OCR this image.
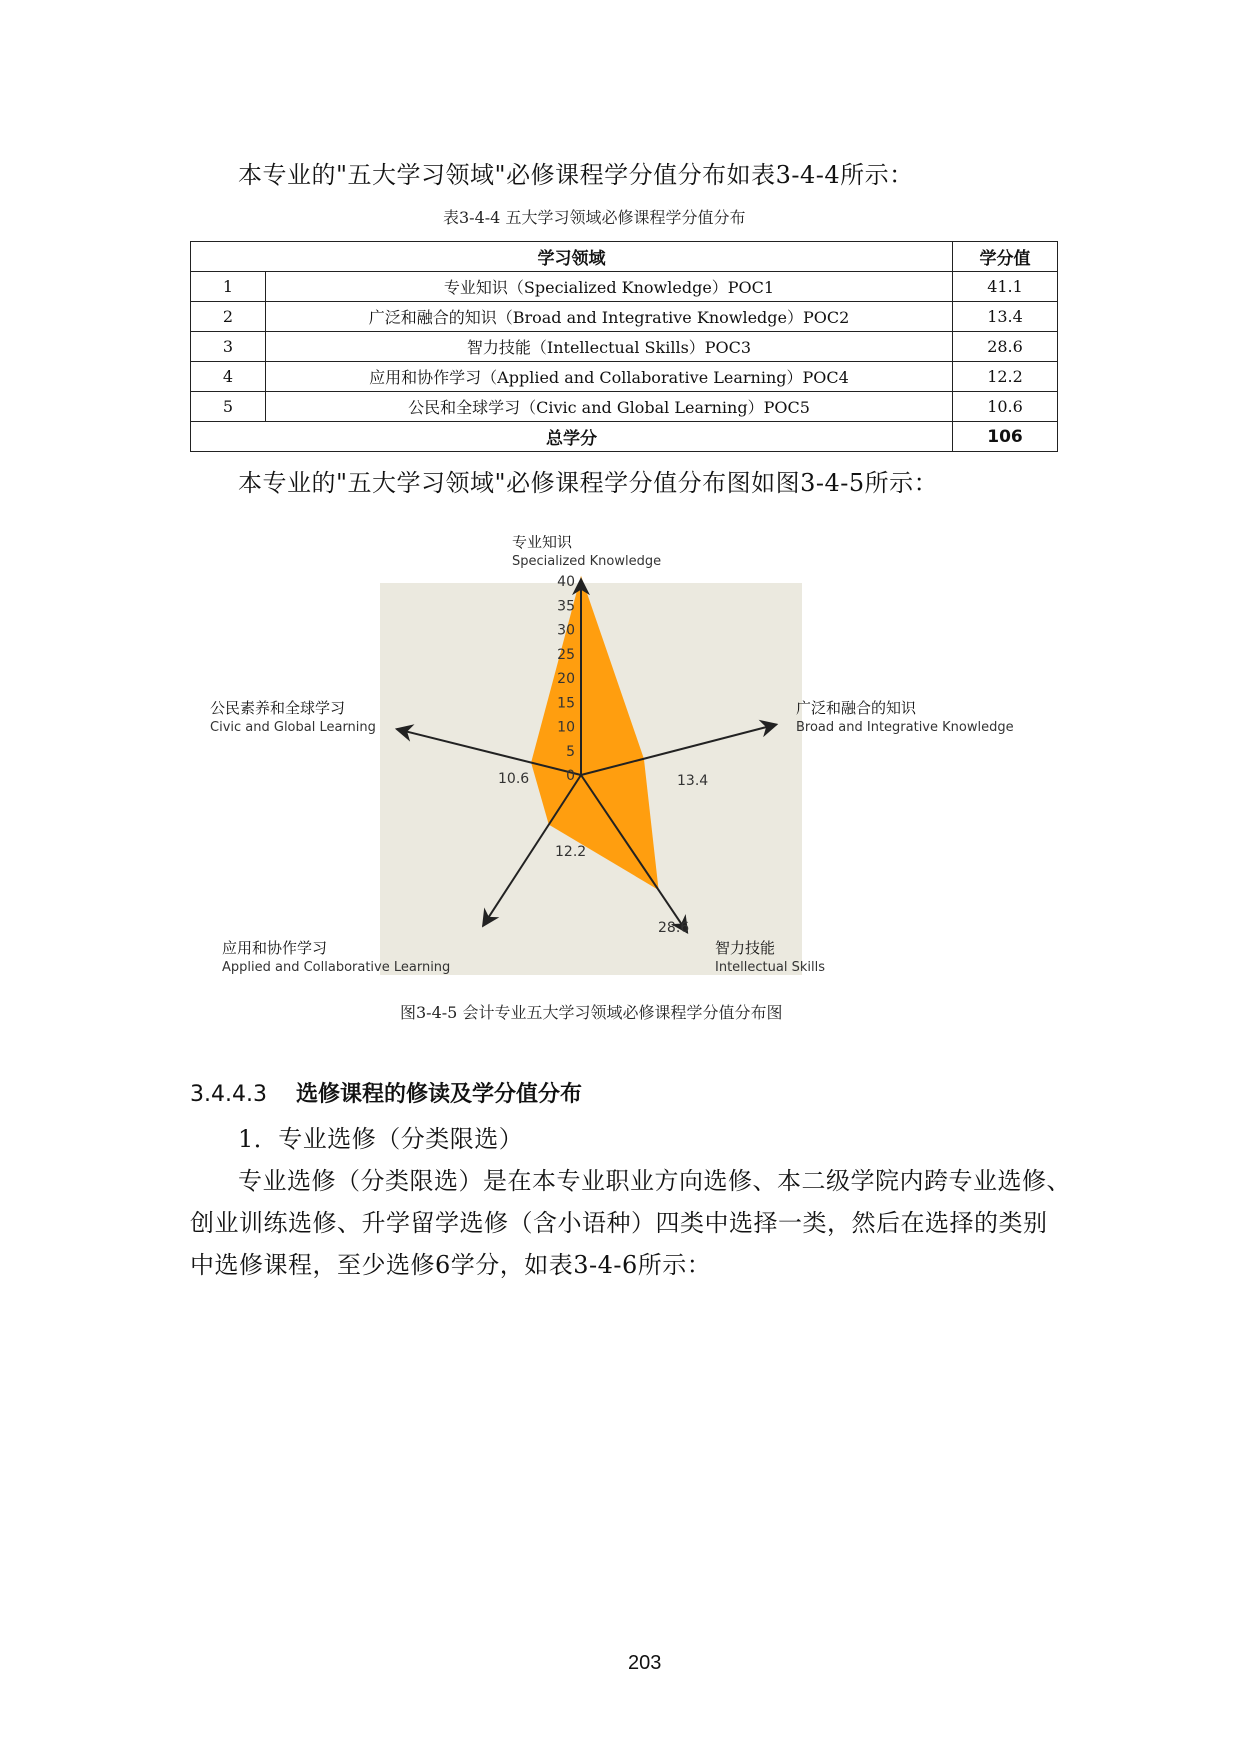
本专业的"五大学习领域"必修课程学分值分布如表3-4-4所示：
表3-4-4 五大学习领域必修课程学分值分布
学习领域		学分值
1	专业知识（Specialized Knowledge）POC1	41.1
2	广泛和融合的知识（Broad and Integrative Knowledge）POC2	13.4
3	智力技能（Intellectual Skills）POC3	28.6
4	应用和协作学习（Applied and Collaborative Learning）POC4	12.2
5	公民和全球学习（Civic and Global Learning）POC5	10.6
总学分		106
本专业的"五大学习领域"必修课程学分值分布图如图3-4-5所示：
0
5
10
15
20
25
30
35
40
13.4
28.6
12.2
10.6
专业知识
Specialized Knowledge
广泛和融合的知识
Broad and Integrative Knowledge
智力技能
Intellectual Skills
应用和协作学习
Applied and Collaborative Learning
公民素养和全球学习
Civic and Global Learning
图3-4-5 会计专业五大学习领域必修课程学分值分布图
3.4.4.3 选修课程的修读及学分值分布
1．专业选修（分类限选）
专业选修（分类限选）是在本专业职业方向选修、本二级学院内跨专业选修、
创业训练选修、升学留学选修（含小语种）四类中选择一类，然后在选择的类别
中选修课程，至少选修6学分，如表3-4-6所示：
203
